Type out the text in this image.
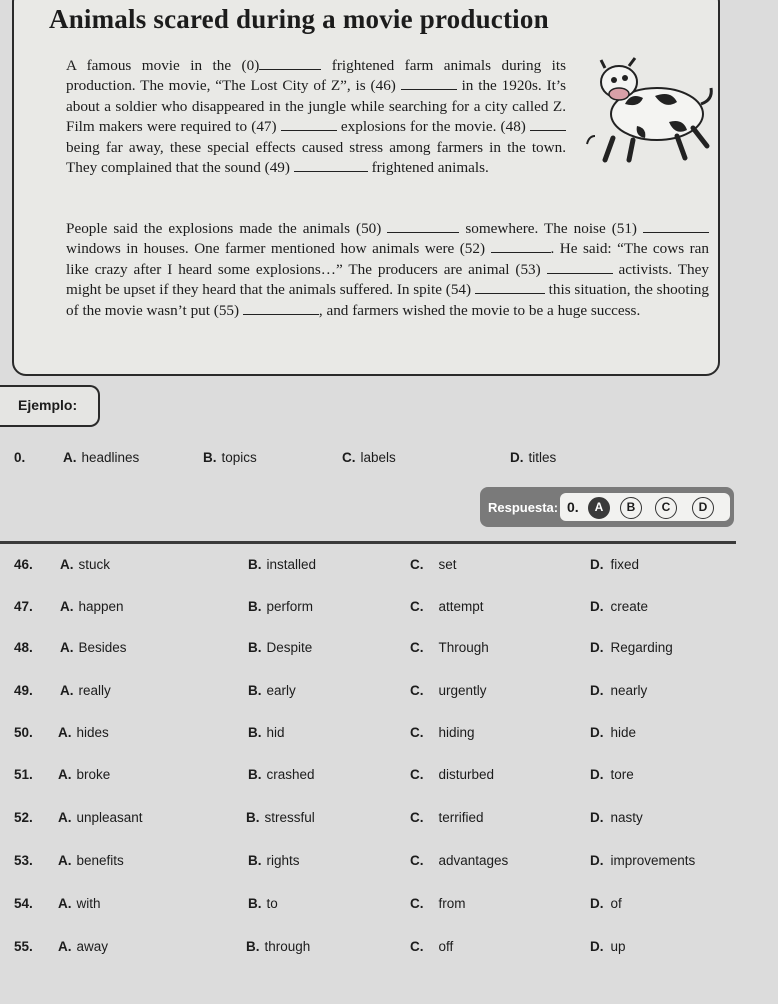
Animals scared during a movie production
A famous movie in the (0)	frightened farm animals during its production. The movie, “The Lost City of Z”, is (46)	in the 1920s. It’s about a soldier who disappeared in the jungle while searching for a city called Z. Film makers were required to (47)	explosions for the movie. (48)  being far away, these special effects caused stress among farmers in the town. They complained that the sound (49)	frightened animals.
People said the explosions made the animals (50)	somewhere. The noise (51)  windows in houses. One farmer mentioned how animals were (52)	. He said: “The cows ran like crazy after I heard some explosions…” The producers are animal (53)	activists. They might be upset if they heard that the animals suffered. In spite (54)	this situation, the shooting of the movie wasn’t put (55)	, and farmers wished the movie to be a huge success.
Ejemplo:
0.	A. headlines	B. topics	C. labels	D. titles
Respuesta: 0.	A	B	C	D
46. A. stuck	B. installed	C. set	D. fixed
47. A. happen	B. perform	C. attempt	D. create
48. A. Besides	B. Despite	C. Through	D. Regarding
49. A. really	B. early	C. urgently	D. nearly
50. A. hides	B. hid	C. hiding	D. hide
51. A. broke	B. crashed	C. disturbed	D. tore
52. A. unpleasant	B. stressful	C. terrified	D. nasty
53. A. benefits	B. rights	C. advantages	D. improvements
54. A. with	B. to	C. from	D. of
55. A. away	B. through	C. off	D. up
